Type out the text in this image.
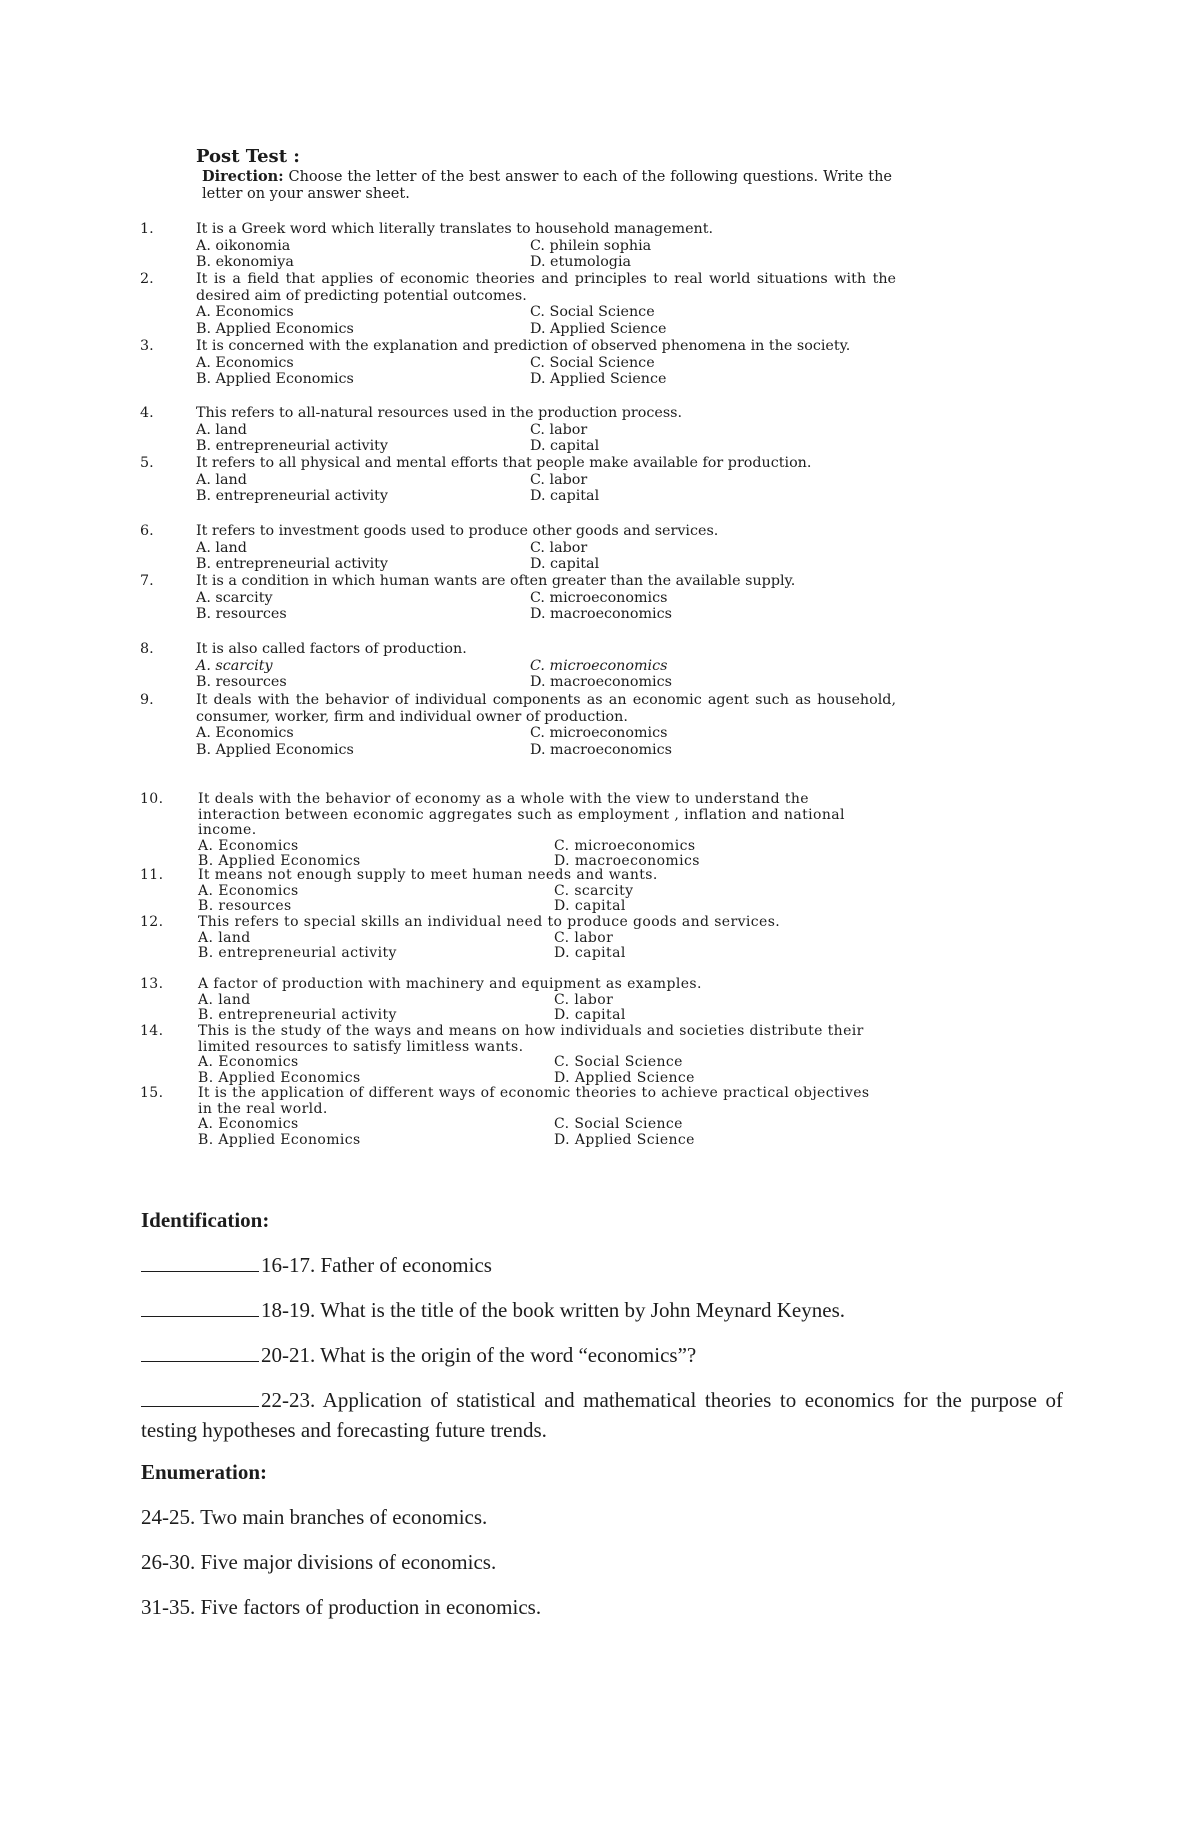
Post Test :
Direction: Choose the letter of the best answer to each of the following questions. Write the letter on your answer sheet.
1.	It is a Greek word which literally translates to household management.
A. oikonomia	C. philein sophia
B. ekonomiya	D. etumologia
2.	It is a field that applies of economic theories and principles to real world situations with the desired aim of predicting potential outcomes.
A. Economics	C. Social Science
B. Applied Economics	D. Applied Science
3.	It is concerned with the explanation and prediction of observed phenomena in the society.
A. Economics	C. Social Science
B. Applied Economics	D. Applied Science
4.	This refers to all-natural resources used in the production process.
A. land	C. labor
B. entrepreneurial activity	D. capital
5.	It refers to all physical and mental efforts that people make available for production.
A. land	C. labor
B. entrepreneurial activity	D. capital
6.	It refers to investment goods used to produce other goods and services.
A. land	C. labor
B. entrepreneurial activity	D. capital
7.	It is a condition in which human wants are often greater than the available supply.
A. scarcity	C. microeconomics
B. resources	D. macroeconomics
8.	It is also called factors of production.
A. scarcity	C. microeconomics
B. resources	D. macroeconomics
9.	It deals with the behavior of individual components as an economic agent such as household, consumer, worker, firm and individual owner of production.
A. Economics	C. microeconomics
B. Applied Economics	D. macroeconomics
10.	It deals with the behavior of economy as a whole with the view to understand the interaction between economic aggregates such as employment , inflation and national income.
A. Economics	C. microeconomics
B. Applied Economics	D. macroeconomics
11.	It means not enough supply to meet human needs and wants.
A. Economics	C. scarcity
B. resources	D. capital
12.	This refers to special skills an individual need to produce goods and services.
A. land	C. labor
B. entrepreneurial activity	D. capital
13.	A factor of production with machinery and equipment as examples.
A. land	C. labor
B. entrepreneurial activity	D. capital
14.	This is the study of the ways and means on how individuals and societies distribute their limited resources to satisfy limitless wants.
A. Economics	C. Social Science
B. Applied Economics	D. Applied Science
15.	It is the application of different ways of economic theories to achieve practical objectives in the real world.
A. Economics	C. Social Science
B. Applied Economics	D. Applied Science
Identification:
16-17. Father of economics
18-19. What is the title of the book written by John Meynard Keynes.
20-21. What is the origin of the word “economics”?
22-23. Application of statistical and mathematical theories to economics for the purpose of testing hypotheses and forecasting future trends.
Enumeration:
24-25. Two main branches of economics.
26-30. Five major divisions of economics.
31-35. Five factors of production in economics.
